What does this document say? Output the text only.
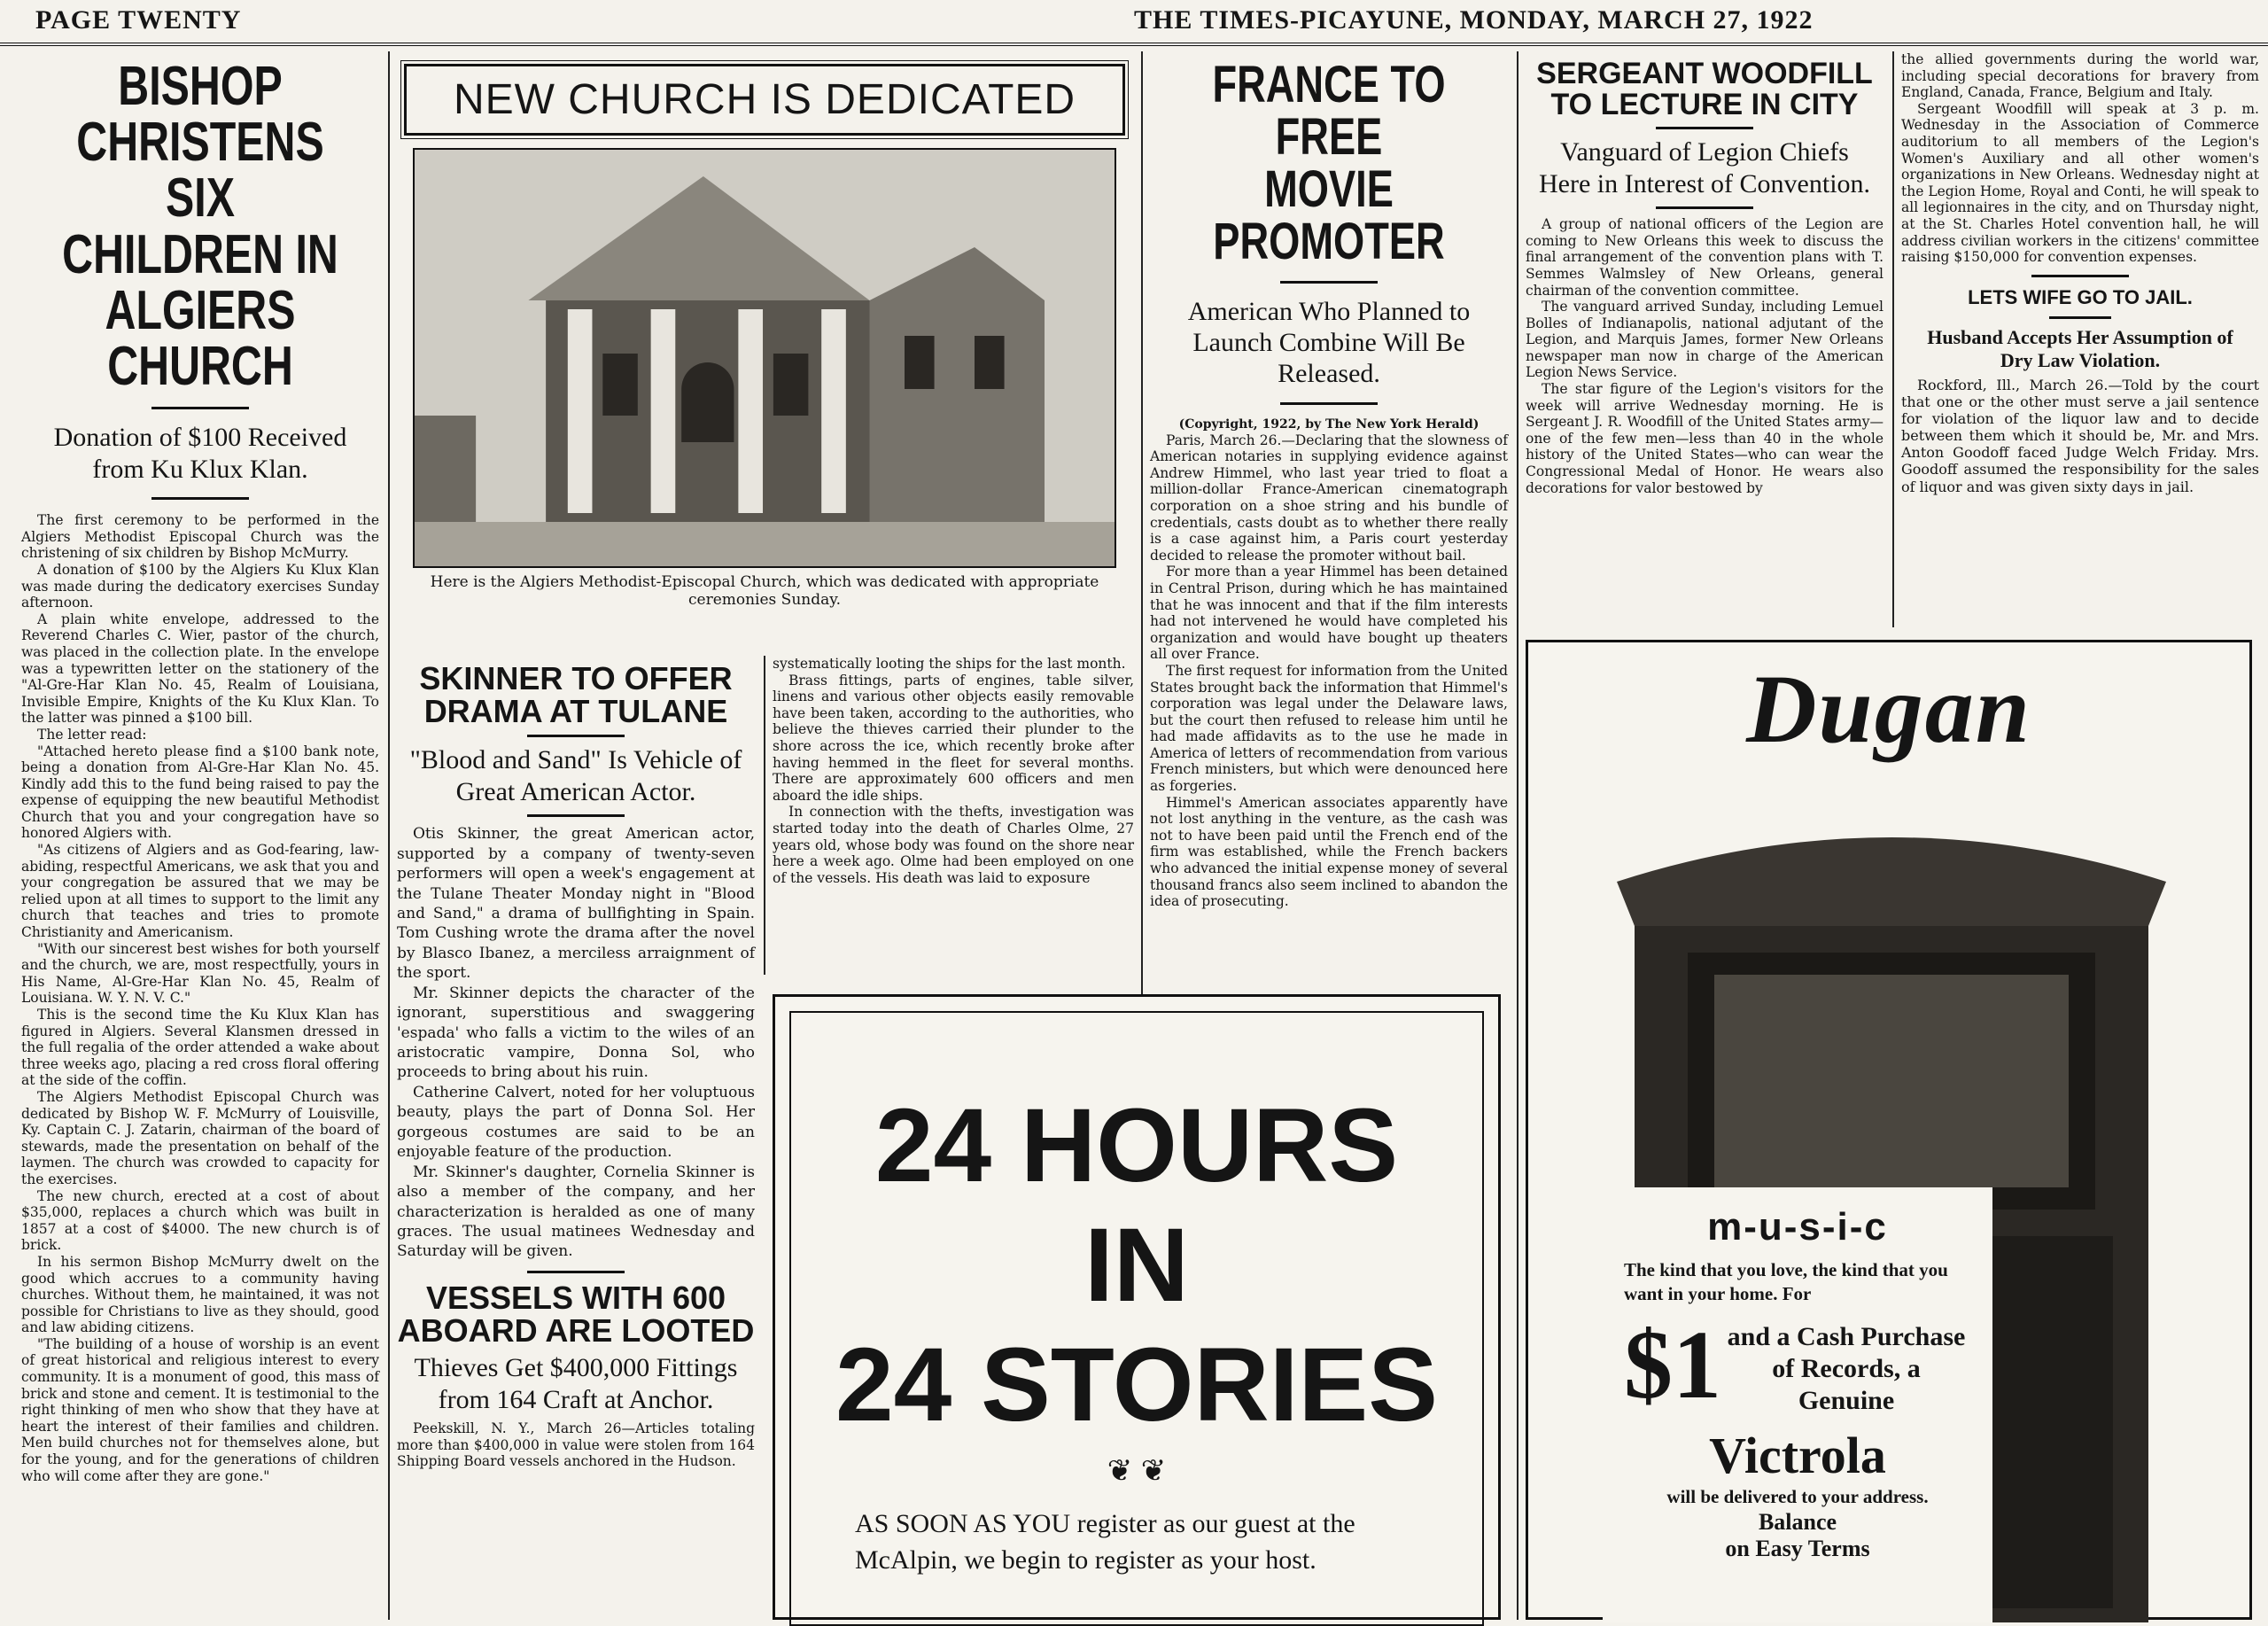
PAGE TWENTY	THE TIMES-PICAYUNE, MONDAY, MARCH 27, 1922
BISHOP CHRISTENS
SIX CHILDREN IN
ALGIERS CHURCH
Donation of $100 Received from Ku Klux Klan.

The first ceremony to be performed in the Algiers Methodist Episcopal Church was the christening of six children by Bishop McMurry.

A donation of $100 by the Algiers Ku Klux Klan was made during the dedicatory exercises Sunday afternoon.

A plain white envelope, addressed to the Reverend Charles C. Wier, pastor of the church, was placed in the collection plate. In the envelope was a typewritten letter on the stationery of the "Al-Gre-Har Klan No. 45, Realm of Louisiana, Invisible Empire, Knights of the Ku Klux Klan. To the latter was pinned a $100 bill.

The letter read:

"Attached hereto please find a $100 bank note, being a donation from Al-Gre-Har Klan No. 45. Kindly add this to the fund being raised to pay the expense of equipping the new beautiful Methodist Church that you and your congregation have so honored Algiers with.

"As citizens of Algiers and as God-fearing, law-abiding, respectful Americans, we ask that you and your congregation be assured that we may be relied upon at all times to support to the limit any church that teaches and tries to promote Christianity and Americanism.

"With our sincerest best wishes for both yourself and the church, we are, most respectfully, yours in His Name, Al-Gre-Har Klan No. 45, Realm of Louisiana. W. Y. N. V. C."

This is the second time the Ku Klux Klan has figured in Algiers. Several Klansmen dressed in the full regalia of the order attended a wake about three weeks ago, placing a red cross floral offering at the side of the coffin.

The Algiers Methodist Episcopal Church was dedicated by Bishop W. F. McMurry of Louisville, Ky. Captain C. J. Zatarin, chairman of the board of stewards, made the presentation on behalf of the laymen. The church was crowded to capacity for the exercises.

The new church, erected at a cost of about $35,000, replaces a church which was built in 1857 at a cost of $4000. The new church is of brick.

In his sermon Bishop McMurry dwelt on the good which accrues to a community having churches. Without them, he maintained, it was not possible for Christians to live as they should, good and law abiding citizens.

"The building of a house of worship is an event of great historical and religious interest to every community. It is a monument of good, this mass of brick and stone and cement. It is testimonial to the right thinking of men who show that they have at heart the interest of their families and children. Men build churches not for themselves alone, but for the young, and for the generations of children who will come after they are gone."

NEW CHURCH IS DEDICATED
Here is the Algiers Methodist-Episcopal Church, which was dedicated with appropriate ceremonies Sunday.
SKINNER TO OFFER
DRAMA AT TULANE
"Blood and Sand" Is Vehicle of Great American Actor.

Otis Skinner, the great American actor, supported by a company of twenty-seven performers will open a week's engagement at the Tulane Theater Monday night in "Blood and Sand," a drama of bullfighting in Spain. Tom Cushing wrote the drama after the novel by Blasco Ibanez, a merciless arraignment of the sport.

Mr. Skinner depicts the character of the ignorant, superstitious and swaggering 'espada' who falls a victim to the wiles of an aristocratic vampire, Donna Sol, who proceeds to bring about his ruin.

Catherine Calvert, noted for her voluptuous beauty, plays the part of Donna Sol. Her gorgeous costumes are said to be an enjoyable feature of the production.

Mr. Skinner's daughter, Cornelia Skinner is also a member of the company, and her characterization is heralded as one of many graces. The usual matinees Wednesday and Saturday will be given.

VESSELS WITH 600
ABOARD ARE LOOTED
Thieves Get $400,000 Fittings from 164 Craft at Anchor.

Peekskill, N. Y., March 26—Articles totaling more than $400,000 in value were stolen from 164 Shipping Board vessels anchored in the Hudson.

systematically looting the ships for the last month.

Brass fittings, parts of engines, table silver, linens and various other objects easily removable have been taken, according to the authorities, who believe the thieves carried their plunder to the shore across the ice, which recently broke after having hemmed in the fleet for several months. There are approximately 600 officers and men aboard the idle ships.

In connection with the thefts, investigation was started today into the death of Charles Olme, 27 years old, whose body was found on the shore near here a week ago. Olme had been employed on one of the vessels. His death was laid to exposure

24 HOURS
IN
24 STORIES
❦ ❦
AS SOON AS YOU register as our guest at the McAlpin, we begin to register as your host.
FRANCE TO FREE
MOVIE PROMOTER
American Who Planned to Launch Combine Will Be Released.
(Copyright, 1922, by The New York Herald)

Paris, March 26.—Declaring that the slowness of American notaries in supplying evidence against Andrew Himmel, who last year tried to float a million-dollar France-American cinematograph corporation on a shoe string and his bundle of credentials, casts doubt as to whether there really is a case against him, a Paris court yesterday decided to release the promoter without bail.

For more than a year Himmel has been detained in Central Prison, during which he has maintained that he was innocent and that if the film interests had not intervened he would have completed his organization and would have bought up theaters all over France.

The first request for information from the United States brought back the information that Himmel's corporation was legal under the Delaware laws, but the court then refused to release him until he had made affidavits as to the use he made in America of letters of recommendation from various French ministers, but which were denounced here as forgeries.

Himmel's American associates apparently have not lost anything in the venture, as the cash was not to have been paid until the French end of the firm was established, while the French backers who advanced the initial expense money of several thousand francs also seem inclined to abandon the idea of prosecuting.

SERGEANT WOODFILL
TO LECTURE IN CITY
Vanguard of Legion Chiefs Here in Interest of Convention.

A group of national officers of the Legion are coming to New Orleans this week to discuss the final arrangement of the convention plans with T. Semmes Walmsley of New Orleans, general chairman of the convention committee.

The vanguard arrived Sunday, including Lemuel Bolles of Indianapolis, national adjutant of the Legion, and Marquis James, former New Orleans newspaper man now in charge of the American Legion News Service.

The star figure of the Legion's visitors for the week will arrive Wednesday morning. He is Sergeant J. R. Woodfill of the United States army—one of the few men—less than 40 in the whole history of the United States—who can wear the Congressional Medal of Honor. He wears also decorations for valor bestowed by

the allied governments during the world war, including special decorations for bravery from England, Canada, France, Belgium and Italy.

Sergeant Woodfill will speak at 3 p. m. Wednesday in the Association of Commerce auditorium to all members of the Legion's Women's Auxiliary and all other women's organizations in New Orleans. Wednesday night at the Legion Home, Royal and Conti, he will speak to all legionnaires in the city, and on Thursday night, at the St. Charles Hotel convention hall, he will address civilian workers in the citizens' committee raising $150,000 for convention expenses.

LETS WIFE GO TO JAIL.
Husband Accepts Her Assumption of Dry Law Violation.

Rockford, Ill., March 26.—Told by the court that one or the other must serve a jail sentence for violation of the liquor law and to decide between them which it should be, Mr. and Mrs. Anton Goodoff faced Judge Welch Friday. Mrs. Goodoff assumed the responsibility for the sales of liquor and was given sixty days in jail.

Dugan
m-u-s-i-c
The kind that you love, the kind that you want in your home. For
$1 and a Cash Purchase of Records, a Genuine
Victrola
will be delivered to your address.
Balance
on Easy Terms
